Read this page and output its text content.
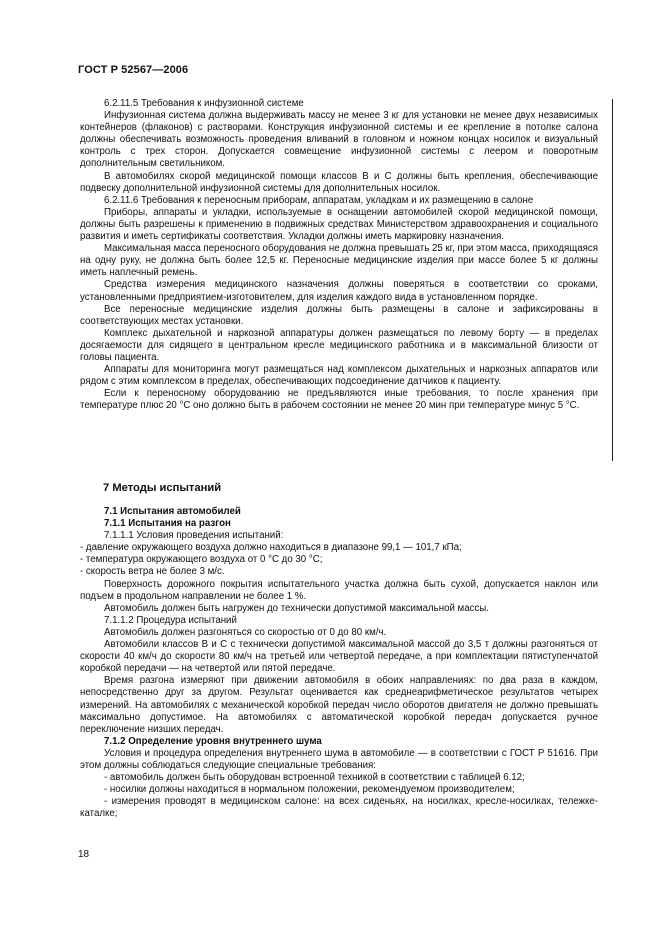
ГОСТ Р 52567—2006

6.2.11.5 Требования к инфузионной системе

Инфузионная система должна выдерживать массу не менее 3 кг для установки не менее двух независимых контейнеров (флаконов) с растворами. Конструкция инфузионной системы и ее крепление в потолке салона должны обеспечивать возможность проведения вливаний в головном и ножном концах носилок и визуальный контроль с трех сторон. Допускается совмещение инфузионной системы с леером и поворотным дополнительным светильником.

В автомобилях скорой медицинской помощи классов В и С должны быть крепления, обеспечивающие подвеску дополнительной инфузионной системы для дополнительных носилок.

6.2.11.6 Требования к переносным приборам, аппаратам, укладкам и их размещению в салоне

Приборы, аппараты и укладки, используемые в оснащении автомобилей скорой медицинской помощи, должны быть разрешены к применению в подвижных средствах Министерством здравоохранения и социального развития и иметь сертификаты соответствия. Укладки должны иметь маркировку назначения.

Максимальная масса переносного оборудования не должна превышать 25 кг, при этом масса, приходящаяся на одну руку, не должна быть более 12,5 кг. Переносные медицинские изделия при массе более 5 кг должны иметь наплечный ремень.

Средства измерения медицинского назначения должны поверяться в соответствии со сроками, установленными предприятием-изготовителем, для изделия каждого вида в установленном порядке.

Все переносные медицинские изделия должны быть размещены в салоне и зафиксированы в соответствующих местах установки.

Комплекс дыхательной и наркозной аппаратуры должен размещаться по левому борту — в пределах досягаемости для сидящего в центральном кресле медицинского работника и в максимальной близости от головы пациента.

Аппараты для мониторинга могут размещаться над комплексом дыхательных и наркозных аппаратов или рядом с этим комплексом в пределах, обеспечивающих подсоединение датчиков к пациенту.

Если к переносному оборудованию не предъявляются иные требования, то после хранения при температуре плюс 20 °С оно должно быть в рабочем состоянии не менее 20 мин при температуре минус 5 °С.

7 Методы испытаний

7.1 Испытания автомобилей

7.1.1 Испытания на разгон

7.1.1.1 Условия проведения испытаний:

- давление окружающего воздуха должно находиться в диапазоне 99,1 — 101,7 кПа;

- температура окружающего воздуха от 0 °С до 30 °С;

- скорость ветра не более 3 м/с.

Поверхность дорожного покрытия испытательного участка должна быть сухой, допускается наклон или подъем в продольном направлении не более 1 %.

Автомобиль должен быть нагружен до технически допустимой максимальной массы.

7.1.1.2 Процедура испытаний

Автомобиль должен разгоняться со скоростью от 0 до 80 км/ч.

Автомобили классов В и С с технически допустимой максимальной массой до 3,5 т должны разгоняться от скорости 40 км/ч до скорости 80 км/ч на третьей или четвертой передаче, а при комплектации пятиступенчатой коробкой передачи — на четвертой или пятой передаче.

Время разгона измеряют при движении автомобиля в обоих направлениях: по два раза в каждом, непосредственно друг за другом. Результат оценивается как среднеарифметическое результатов четырех измерений. На автомобилях с механической коробкой передач число оборотов двигателя не должно превышать максимально допустимое. На автомобилях с автоматической коробкой передач допускается ручное переключение низших передач.

7.1.2 Определение уровня внутреннего шума

Условия и процедура определения внутреннего шума в автомобиле — в соответствии с ГОСТ Р 51616. При этом должны соблюдаться следующие специальные требования:

- автомобиль должен быть оборудован встроенной техникой в соответствии с таблицей 6.12;

- носилки должны находиться в нормальном положении, рекомендуемом производителем;

- измерения проводят в медицинском салоне: на всех сиденьях, на носилках, кресле-носилках, тележке-каталке;

18
